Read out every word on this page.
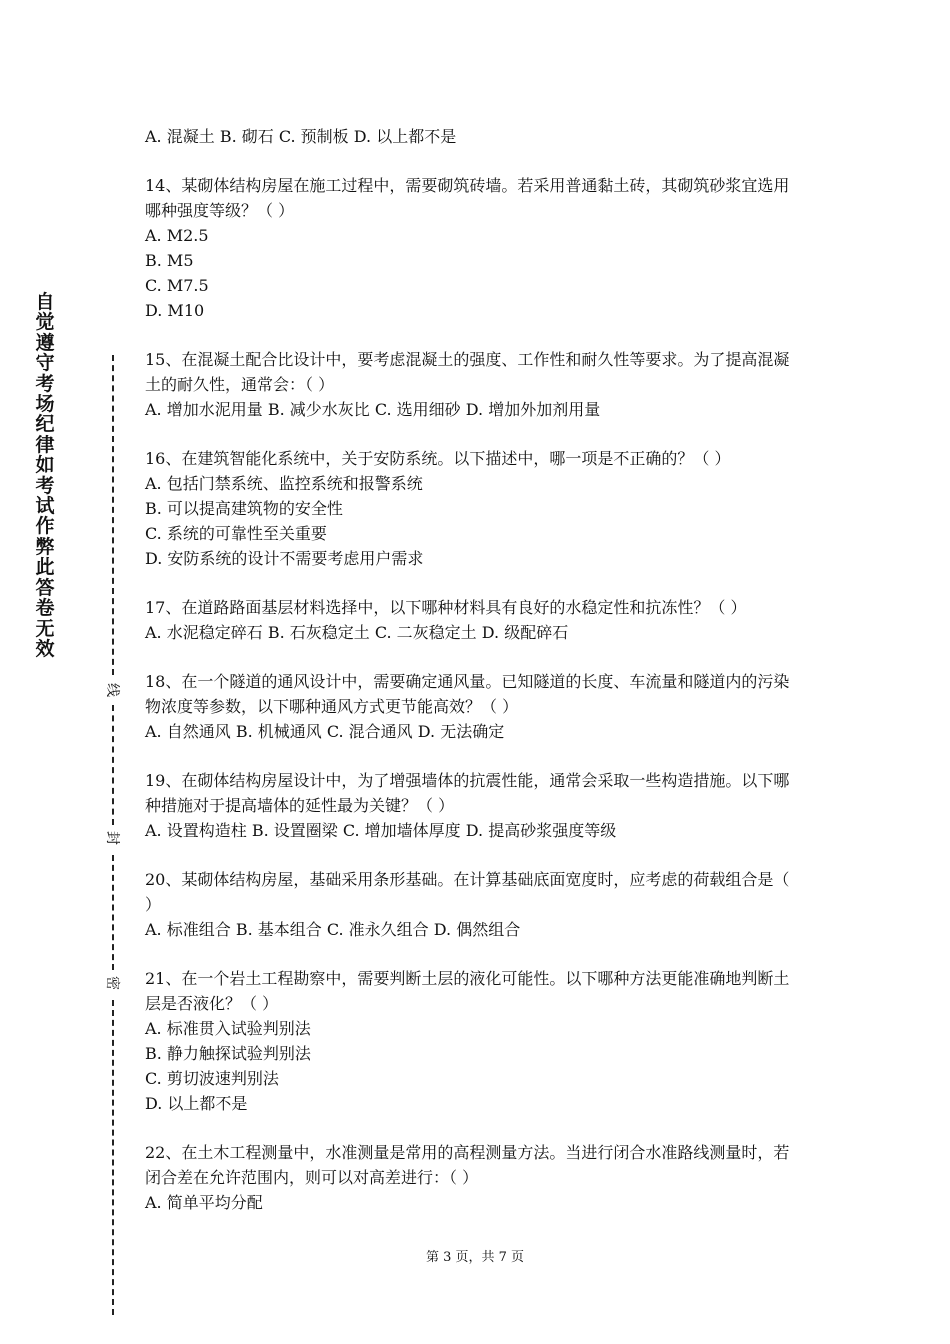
自觉遵守考场纪律如考试作弊此答卷无效
线
封
密
A. 混凝土 B. 砌石 C. 预制板 D. 以上都不是
14、某砌体结构房屋在施工过程中，需要砌筑砖墙。若采用普通黏土砖，其砌筑砂浆宜选用
哪种强度等级？（ ）
A. M2.5
B. M5
C. M7.5
D. M10
15、在混凝土配合比设计中，要考虑混凝土的强度、工作性和耐久性等要求。为了提高混凝
土的耐久性，通常会：（ ）
A. 增加水泥用量 B. 减少水灰比 C. 选用细砂 D. 增加外加剂用量
16、在建筑智能化系统中，关于安防系统。以下描述中，哪一项是不正确的？（ ）
A. 包括门禁系统、监控系统和报警系统
B. 可以提高建筑物的安全性
C. 系统的可靠性至关重要
D. 安防系统的设计不需要考虑用户需求
17、在道路路面基层材料选择中，以下哪种材料具有良好的水稳定性和抗冻性？（ ）
A. 水泥稳定碎石 B. 石灰稳定土 C. 二灰稳定土 D. 级配碎石
18、在一个隧道的通风设计中，需要确定通风量。已知隧道的长度、车流量和隧道内的污染
物浓度等参数，以下哪种通风方式更节能高效？（ ）
A. 自然通风 B. 机械通风 C. 混合通风 D. 无法确定
19、在砌体结构房屋设计中，为了增强墙体的抗震性能，通常会采取一些构造措施。以下哪
种措施对于提高墙体的延性最为关键？（ ）
A. 设置构造柱 B. 设置圈梁 C. 增加墙体厚度 D. 提高砂浆强度等级
20、某砌体结构房屋，基础采用条形基础。在计算基础底面宽度时，应考虑的荷载组合是（
）
A. 标准组合 B. 基本组合 C. 准永久组合 D. 偶然组合
21、在一个岩土工程勘察中，需要判断土层的液化可能性。以下哪种方法更能准确地判断土
层是否液化？（ ）
A. 标准贯入试验判别法
B. 静力触探试验判别法
C. 剪切波速判别法
D. 以上都不是
22、在土木工程测量中，水准测量是常用的高程测量方法。当进行闭合水准路线测量时，若
闭合差在允许范围内，则可以对高差进行：（ ）
A. 简单平均分配
第 3 页，共 7 页
